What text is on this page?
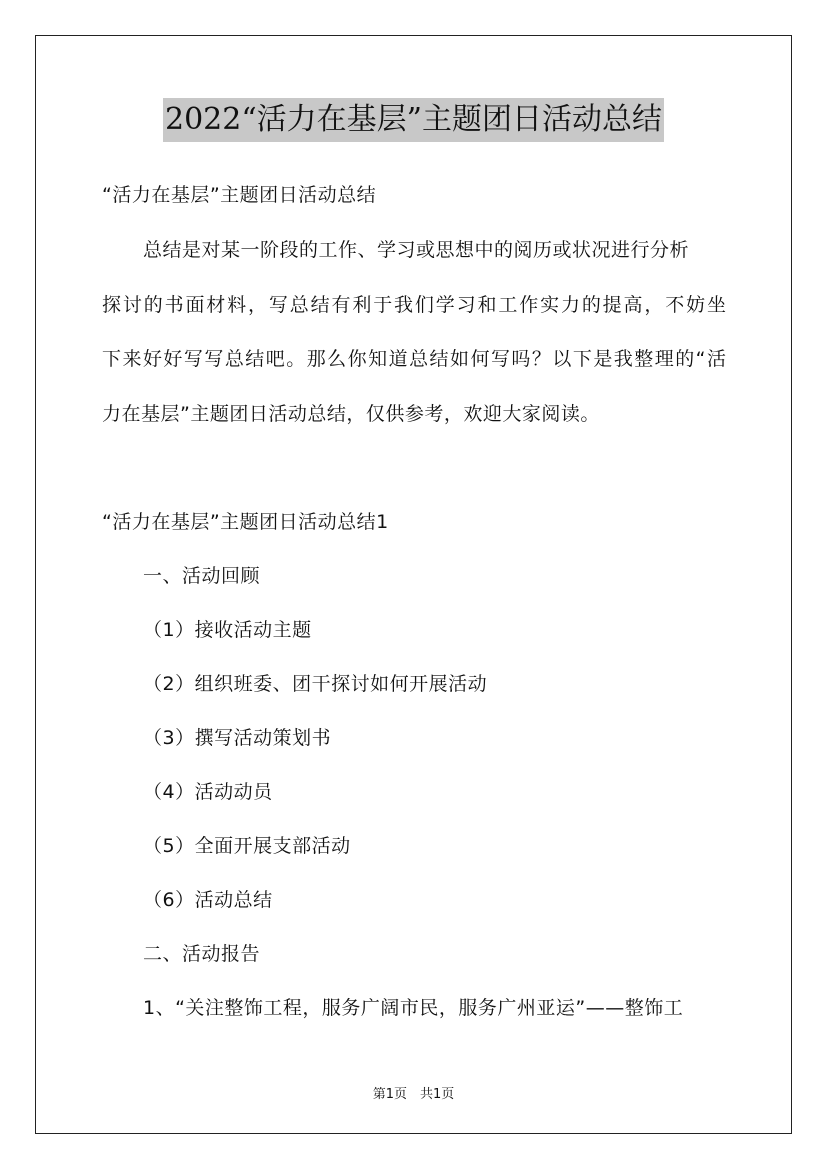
2022“活力在基层”主题团日活动总结
“活力在基层”主题团日活动总结
总结是对某一阶段的工作、学习或思想中的阅历或状况进行分析
探讨的书面材料，写总结有利于我们学习和工作实力的提高，不妨坐
下来好好写写总结吧。那么你知道总结如何写吗？以下是我整理的“活
力在基层”主题团日活动总结，仅供参考，欢迎大家阅读。
“活力在基层”主题团日活动总结1
一、活动回顾
（1）接收活动主题
（2）组织班委、团干探讨如何开展活动
（3）撰写活动策划书
（4）活动动员
（5）全面开展支部活动
（6）活动总结
二、活动报告
1、“关注整饰工程，服务广阔市民，服务广州亚运”——整饰工
第1页　共1页
